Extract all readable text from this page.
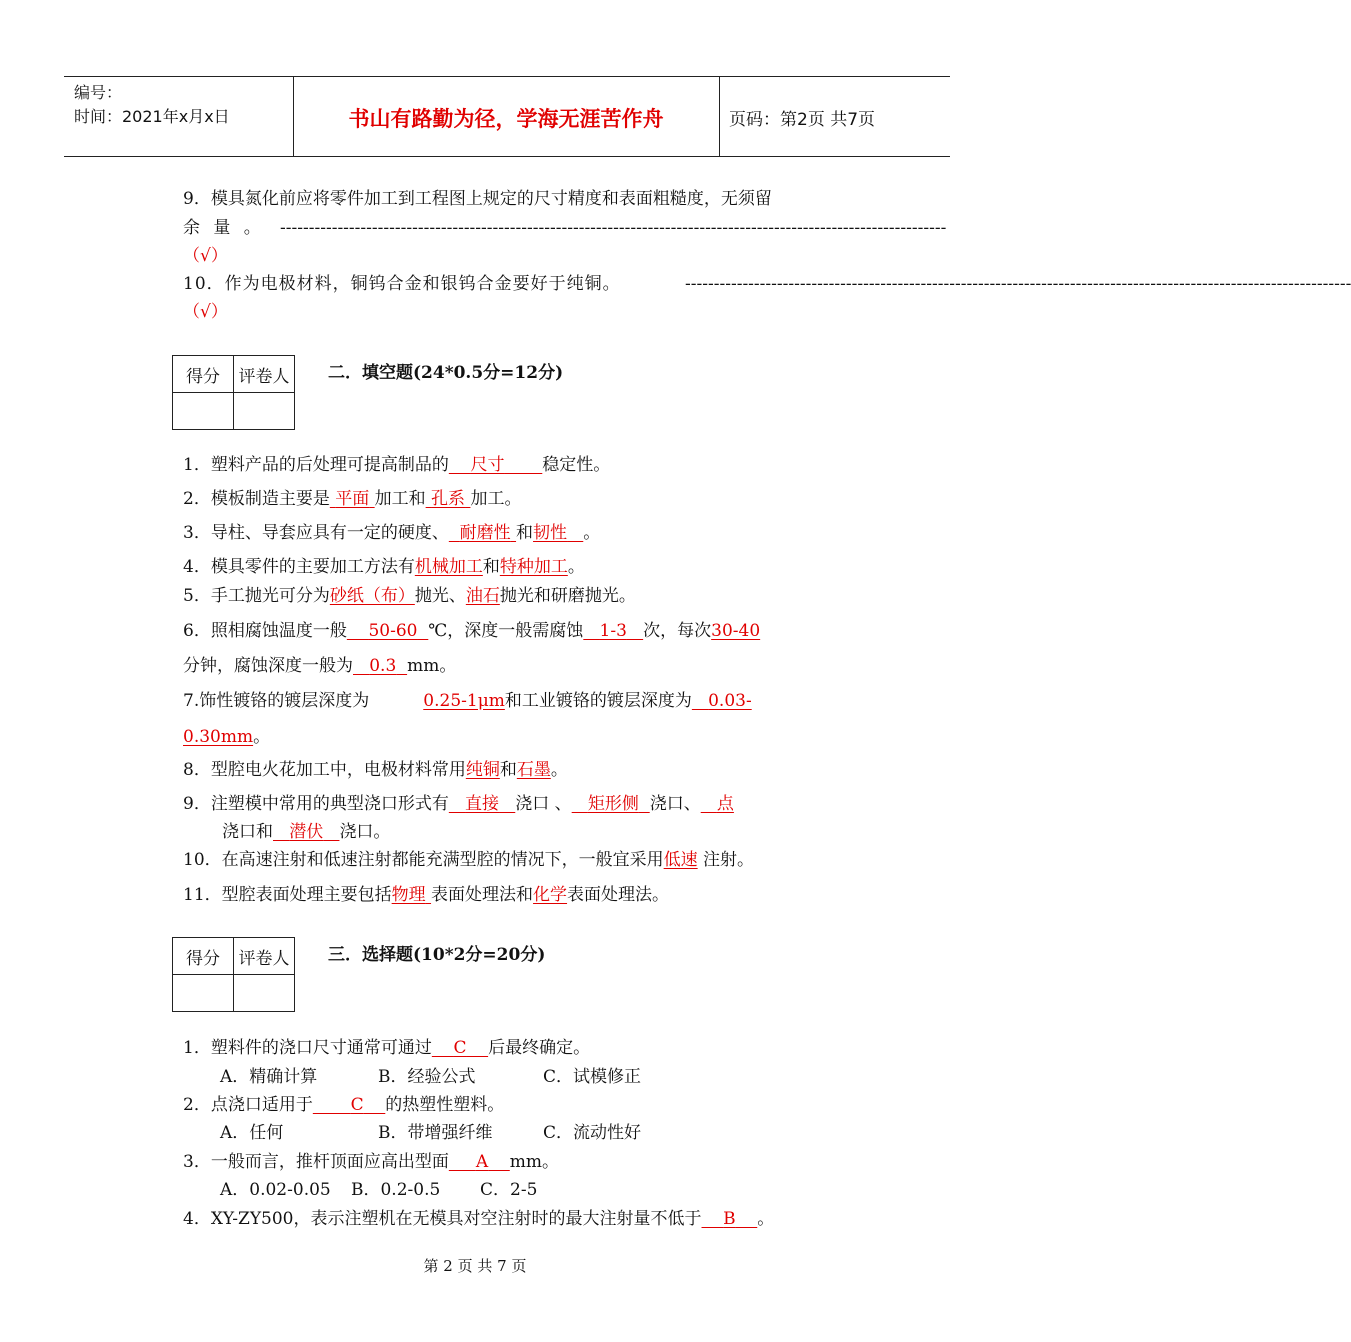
编号：
时间：2021年x月x日	书山有路勤为径，学海无涯苦作舟	页码：第2页 共7页
9．模具氮化前应将零件加工到工程图上规定的尺寸精度和表面粗糙度，无须留
余 量 。 --------------------------------------------------------------------------------------------------------------------
（√）
10．作为电极材料，铜钨合金和银钨合金要好于纯铜。	--------------------------------------------------------------------------------------------------------------------
（√）
得分	评卷人
	二．填空题(24*0.5分=12分)
1．塑料产品的后处理可提高制品的 尺寸 稳定性。
2．模板制造主要是 平面 加工和 孔系 加工。
3．导柱、导套应具有一定的硬度、 耐磨性 和韧性 。
4．模具零件的主要加工方法有机械加工和特种加工。
5．手工抛光可分为砂纸（布）抛光、油石抛光和研磨抛光。
6．照相腐蚀温度一般 50-60 ℃，深度一般需腐蚀 1-3 次，每次30-40
分钟，腐蚀深度一般为 0.3 mm。
7.饰性镀铬的镀层深度为	0.25-1μm和工业镀铬的镀层深度为 0.03-
0.30mm。
8．型腔电火花加工中，电极材料常用纯铜和石墨。
9．注塑模中常用的典型浇口形式有 直接 浇口 、 矩形侧 浇口、 点
浇口和 潜伏 浇口。
10．在高速注射和低速注射都能充满型腔的情况下，一般宜采用低速 注射。
11．型腔表面处理主要包括物理 表面处理法和化学表面处理法。
得分	评卷人
	三．选择题(10*2分=20分)
1．塑料件的浇口尺寸通常可通过 C 后最终确定。
A．精确计算	B．经验公式	C．试模修正
2．点浇口适用于 C 的热塑性塑料。
A．任何	B．带增强纤维	C．流动性好
3．一般而言，推杆顶面应高出型面 A mm。
A．0.02-0.05 B．0.2-0.5 C．2-5
4．XY-ZY500，表示注塑机在无模具对空注射时的最大注射量不低于 B 。
第 2 页 共 7 页
